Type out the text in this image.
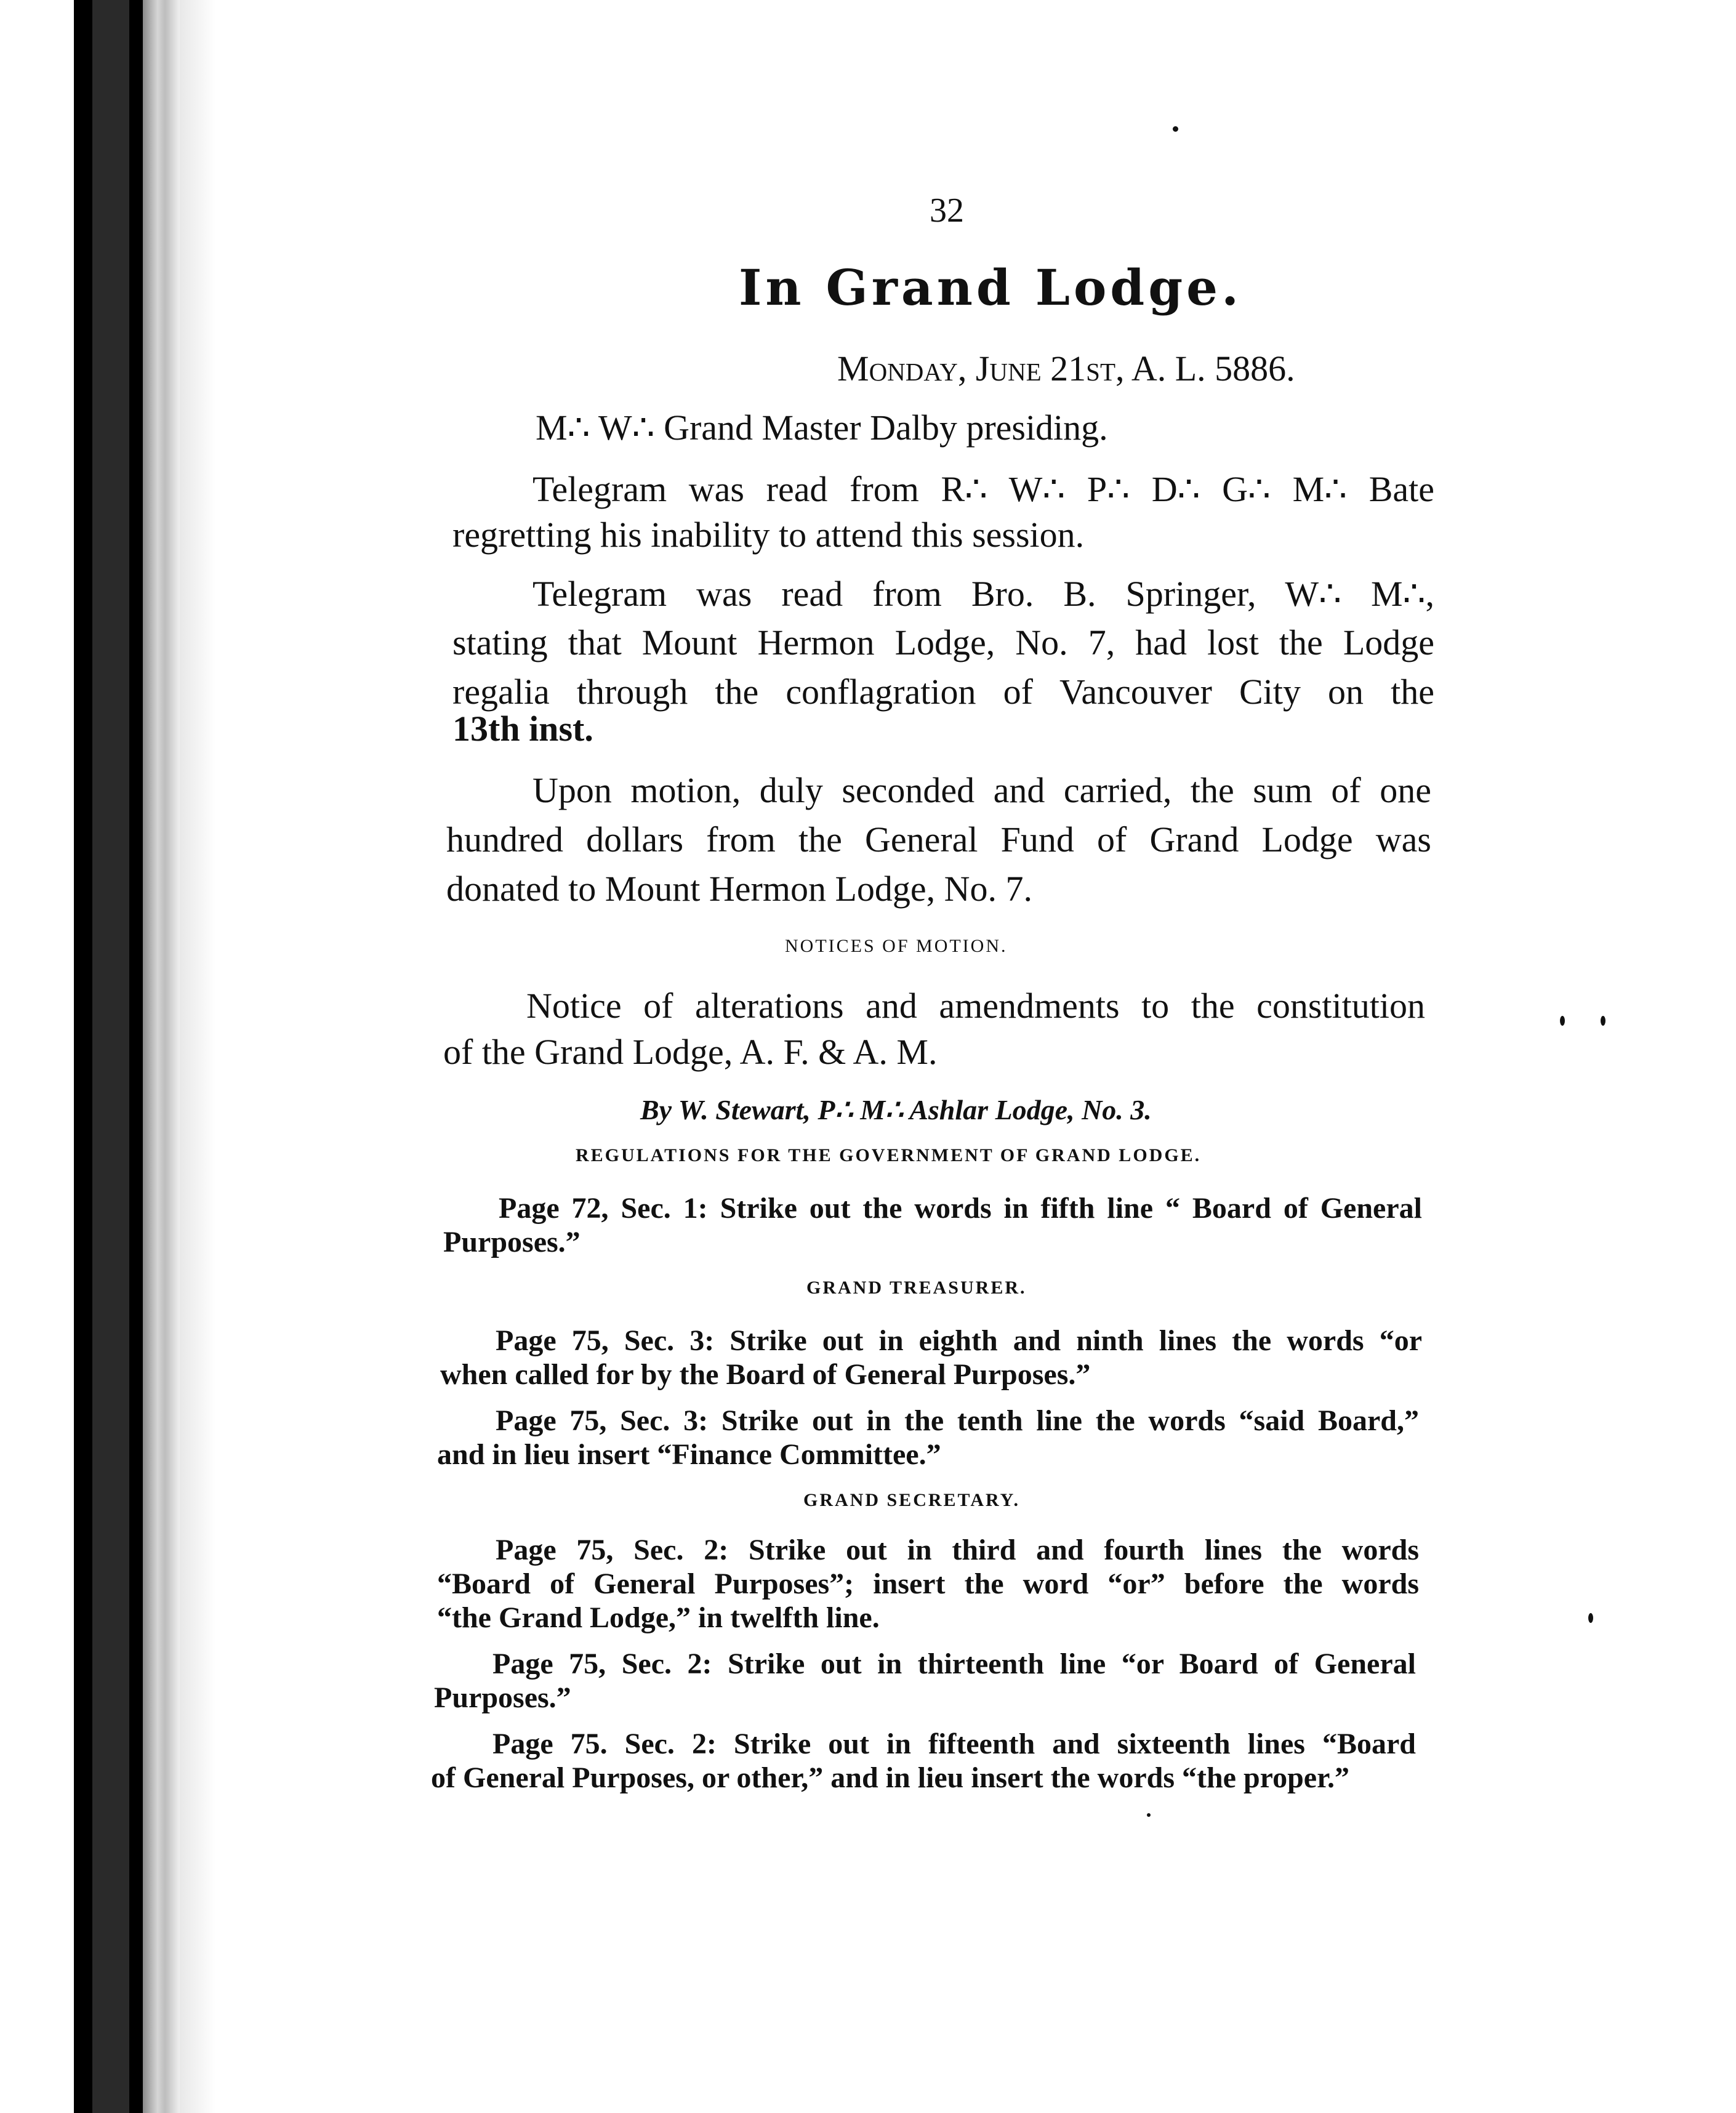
32
In Grand Lodge.
Monday, June 21st, A. L. 5886.
M∴ W∴ Grand Master Dalby presiding.
Telegram was read from R∴ W∴ P∴ D∴ G∴ M∴ Bate
regretting his inability to attend this session.
Telegram was read from Bro. B. Springer, W∴ M∴,
stating that Mount Hermon Lodge, No. 7, had lost the Lodge
regalia through the conflagration of Vancouver City on the
13th inst.
Upon motion, duly seconded and carried, the sum of one
hundred dollars from the General Fund of Grand Lodge was
donated to Mount Hermon Lodge, No. 7.
NOTICES OF MOTION.
Notice of alterations and amendments to the constitution
of the Grand Lodge, A. F. & A. M.
By W. Stewart, P∴ M∴ Ashlar Lodge, No. 3.
REGULATIONS FOR THE GOVERNMENT OF GRAND LODGE.
Page 72, Sec. 1: Strike out the words in fifth line “ Board of General
Purposes.”
GRAND TREASURER.
Page 75, Sec. 3: Strike out in eighth and ninth lines the words “or
when called for by the Board of General Purposes.”
Page 75, Sec. 3: Strike out in the tenth line the words “said Board,”
and in lieu insert “Finance Committee.”
GRAND SECRETARY.
Page 75, Sec. 2: Strike out in third and fourth lines the words
“Board of General Purposes”; insert the word “or” before the words
“the Grand Lodge,” in twelfth line.
Page 75, Sec. 2: Strike out in thirteenth line “or Board of General
Purposes.”
Page 75. Sec. 2: Strike out in fifteenth and sixteenth lines “Board
of General Purposes, or other,” and in lieu insert the words “the proper.”
